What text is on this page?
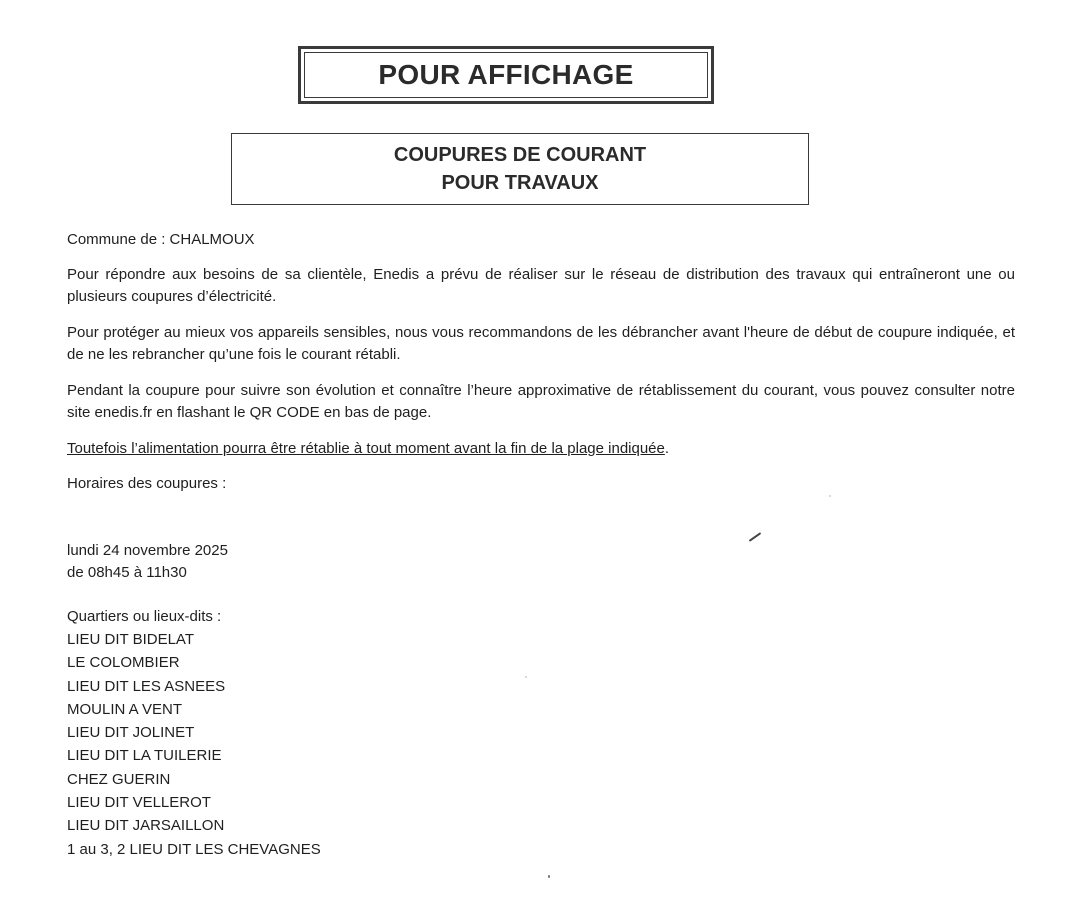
POUR AFFICHAGE
COUPURES DE COURANT
POUR TRAVAUX

Commune de : CHALMOUX

Pour répondre aux besoins de sa clientèle, Enedis a prévu de réaliser sur le réseau de distribution des travaux qui entraîneront une ou plusieurs coupures d’électricité.

Pour protéger au mieux vos appareils sensibles, nous vous recommandons de les débrancher avant l'heure de début de coupure indiquée, et de ne les rebrancher qu’une fois le courant rétabli.

Pendant la coupure pour suivre son évolution et connaître l’heure approximative de rétablissement du courant, vous pouvez consulter notre site enedis.fr en flashant le QR CODE en bas de page.

Toutefois l’alimentation pourra être rétablie à tout moment avant la fin de la plage indiquée.

Horaires des coupures :

lundi 24 novembre 2025

de 08h45 à 11h30

Quartiers ou lieux-dits :

LIEU DIT BIDELAT
LE COLOMBIER
LIEU DIT LES ASNEES
MOULIN A VENT
LIEU DIT JOLINET
LIEU DIT LA TUILERIE
CHEZ GUERIN
LIEU DIT VELLEROT
LIEU DIT JARSAILLON
1 au 3, 2 LIEU DIT LES CHEVAGNES
